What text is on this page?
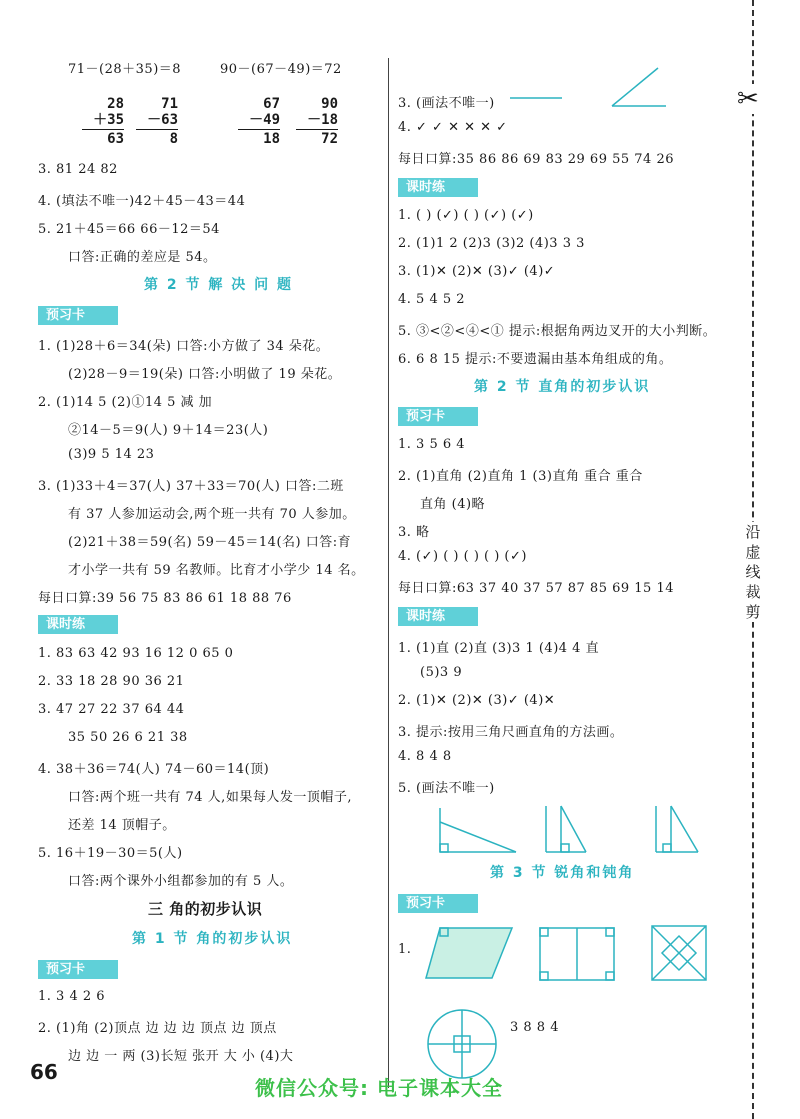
✂
沿
虚
线
裁
剪
71－(28＋35)＝8	90－(67－49)＝72
28
＋35
63
71
－63
8
67
－49
18
90
－18
72
3. 81 24 82
4. (填法不唯一)42＋45－43＝44
5. 21＋45＝66 66－12＝54
口答:正确的差应是 54。
第 2 节 解 决 问 题
预习卡
1. (1)28＋6＝34(朵) 口答:小方做了 34 朵花。
(2)28－9＝19(朵) 口答:小明做了 19 朵花。
2. (1)14 5 (2)①14 5 减 加
②14－5＝9(人) 9＋14＝23(人)
(3)9 5 14 23
3. (1)33＋4＝37(人) 37＋33＝70(人) 口答:二班
有 37 人参加运动会,两个班一共有 70 人参加。
(2)21＋38＝59(名) 59－45＝14(名) 口答:育
才小学一共有 59 名教师。比育才小学少 14 名。
每日口算:39 56 75 83 86 61 18 88 76
课时练
1. 83 63 42 93 16 12 0 65 0
2. 33 18 28 90 36 21
3. 47 27 22 37 64 44
35 50 26 6 21 38
4. 38＋36＝74(人) 74－60＝14(顶)
口答:两个班一共有 74 人,如果每人发一顶帽子,
还差 14 顶帽子。
5. 16＋19－30＝5(人)
口答:两个课外小组都参加的有 5 人。
三 角的初步认识
第 1 节 角的初步认识
预习卡
1. 3 4 2 6
2. (1)角 (2)顶点 边 边 边 顶点 边 顶点
边 边 一 两 (3)长短 张开 大 小 (4)大
3. (画法不唯一)
4. ✓ ✓ ✕ ✕ ✕ ✓
每日口算:35 86 86 69 83 29 69 55 74 26
课时练
1. ( ) (✓) ( ) (✓) (✓)
2. (1)1 2 (2)3 (3)2 (4)3 3 3
3. (1)✕ (2)✕ (3)✓ (4)✓
4. 5 4 5 2
5. ③<②<④<① 提示:根据角两边叉开的大小判断。
6. 6 8 15 提示:不要遗漏由基本角组成的角。
第 2 节 直角的初步认识
预习卡
1. 3 5 6 4
2. (1)直角 (2)直角 1 (3)直角 重合 重合
直角 (4)略
3. 略
4. (✓) ( ) ( ) ( ) (✓)
每日口算:63 37 40 37 57 87 85 69 15 14
课时练
1. (1)直 (2)直 (3)3 1 (4)4 4 直
(5)3 9
2. (1)✕ (2)✕ (3)✓ (4)✕
3. 提示:按用三角尺画直角的方法画。
4. 8 4 8
5. (画法不唯一)
第 3 节 锐角和钝角
预习卡
1.
3 8 8 4
66
微信公众号: 电子课本大全
